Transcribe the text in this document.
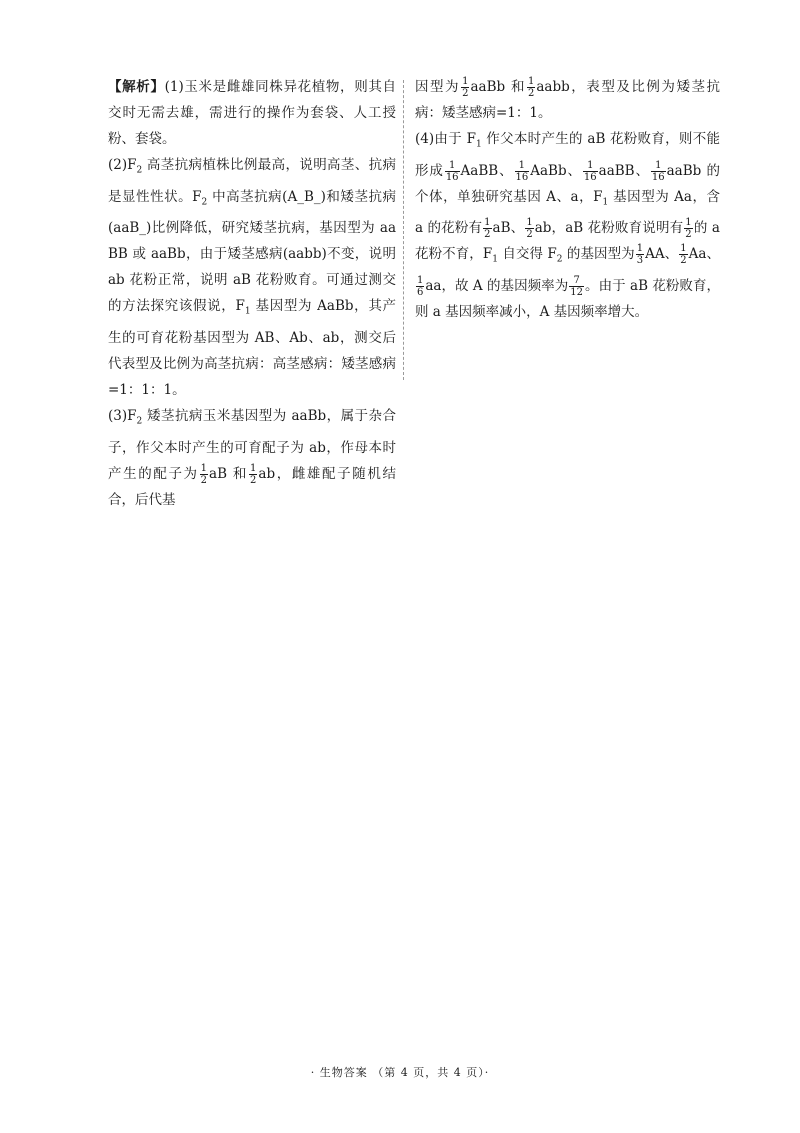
【解析】(1)玉米是雌雄同株异花植物，则其自交时无需去雄，需进行的操作为套袋、人工授粉、套袋。

$(2)F_2$ 高茎抗病植株比例最高，说明高茎、抗病是显性性状。$F_2$ 中高茎抗病(A_B_)和矮茎抗病(aaB_)比例降低，研究矮茎抗病，基因型为 aaBB 或 aaBb，由于矮茎感病(aabb)不变，说明 ab 花粉正常，说明 aB 花粉败育。可通过测交的方法探究该假说，$F_1$ 基因型为 AaBb，其产生的可育花粉基因型为 AB、Ab、ab，测交后代表型及比例为高茎抗病：高茎感病：矮茎感病=1：1：1。

$(3)F_2$ 矮茎抗病玉米基因型为 aaBb，属于杂合子，作父本时产生的可育配子为 ab，作母本时产生的配子为 $\frac{1}{2}$ aB 和 $\frac{1}{2}$ ab，雌雄配子随机结合，后代基

因型为 $\frac{1}{2}$ aaBb 和 $\frac{1}{2}$ aabb，表型及比例为矮茎抗病：矮茎感病=1：1。

(4)由于 $F_1$ 作父本时产生的 aB 花粉败育，则不能形成 $\frac{1}{16}$ AaBB、 $\frac{1}{16}$ AaBb、 $\frac{1}{16}$ aaBB、 $\frac{1}{16}$ aaBb 的个体，单独研究基因 A、a，$F_1$ 基因型为 Aa，含 a 的花粉有 $\frac{1}{2}$ aB、 $\frac{1}{2}$ ab，aB 花粉败育说明有 $\frac{1}{2}$ 的 a 花粉不育，$F_1$ 自交得 $F_2$ 的基因型为 $\frac{1}{3}$ AA、 $\frac{1}{2}$ Aa、
$\frac{1}{6}$ aa，故 A 的基因频率为 $\frac{7}{12}$ 。由于 aB 花粉败育，则 a 基因频率减小，A 基因频率增大。

· 生物答案 （第 4 页，共 4 页）·
